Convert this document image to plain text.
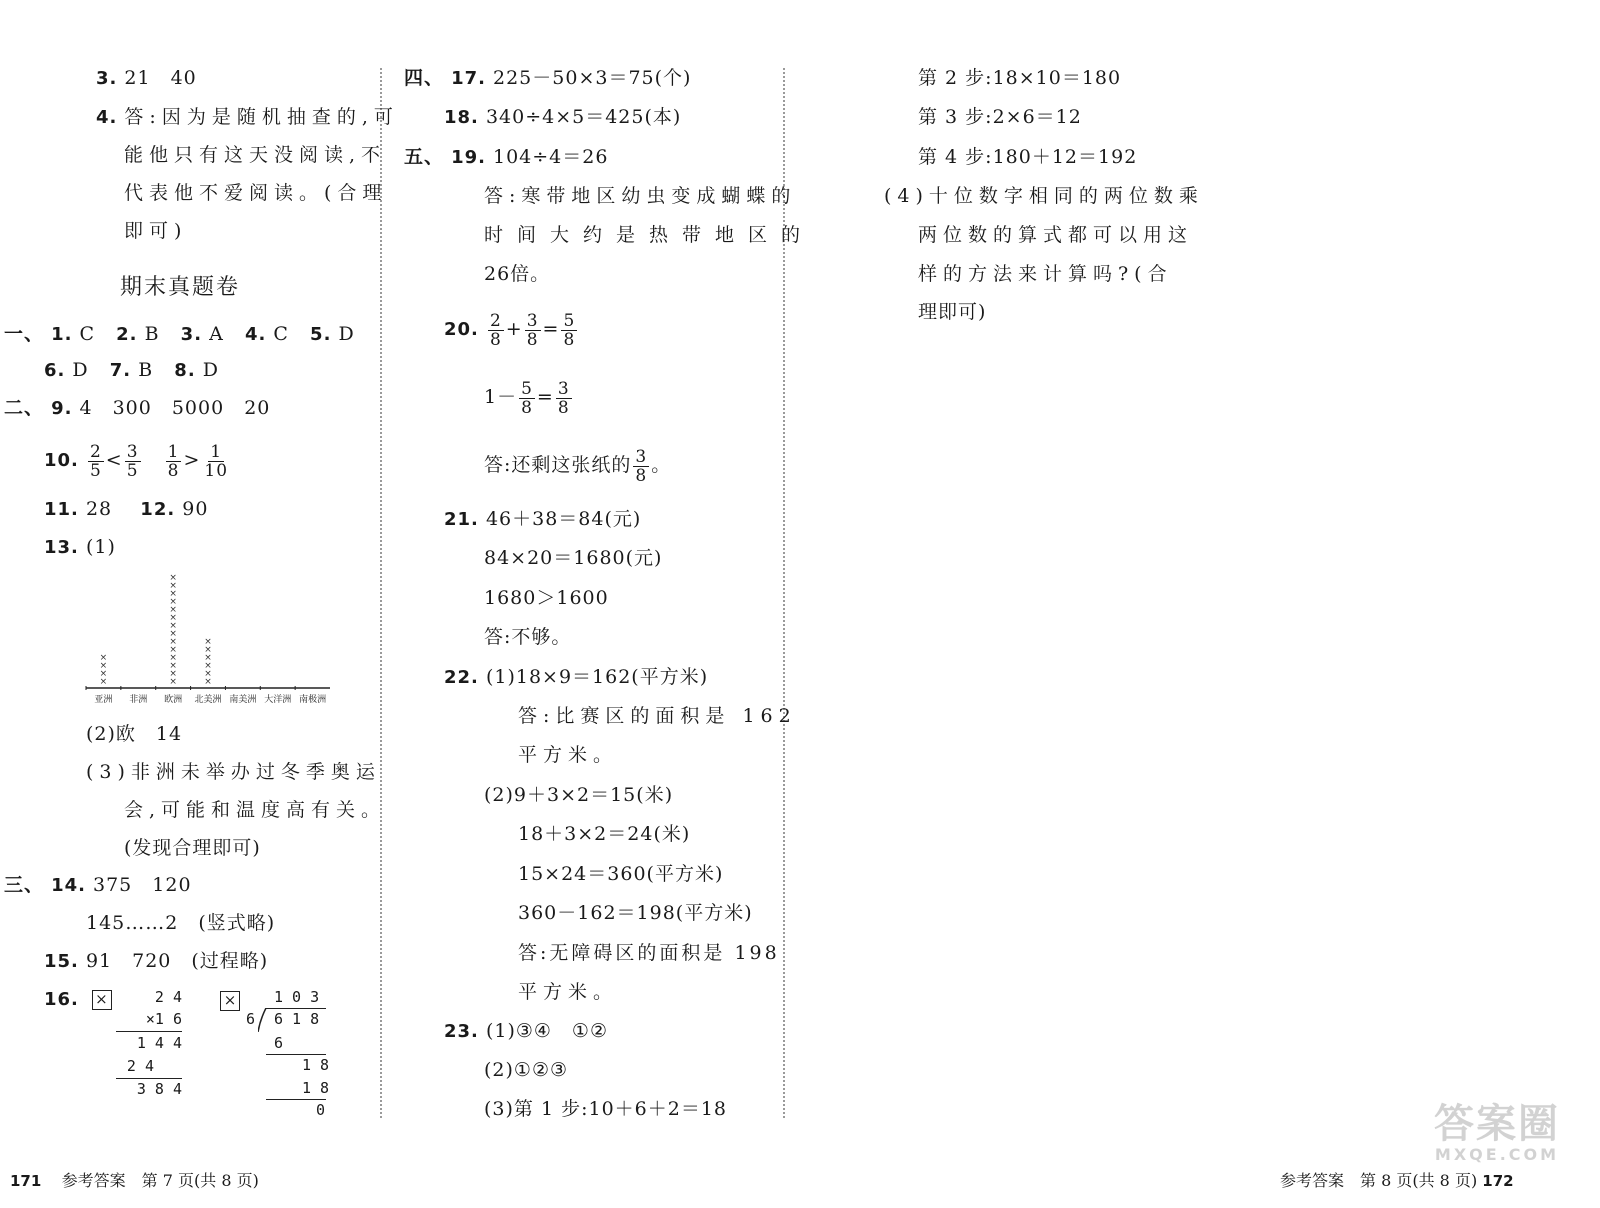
3. 21　40
4. 答:因为是随机抽查的,可
能他只有这天没阅读,不
代表他不爱阅读。(合理
即可)
期末真题卷
一、 1. C 2. B 3. A 4. C 5. D
6. D 7. B 8. D
二、 9. 4　300　5000　20
10. $\frac{2}{5} < \frac{3}{5}$
$\frac{1}{8} > \frac{1}{10}$
11. 28 12. 90
13. (1)
×
×
×
×
×
×
×
×
×
×
×
×
×
×
×
×
×
×
×
×
×
×
×
×
亚洲 非洲 欧洲 北美洲 南美洲 大洋洲 南极洲
(2)欧　14
(3)非洲未举办过冬季奥运
会,可能和温度高有关。
(发现合理即可)
三、 14. 375　120
145……2　(竖式略)
15. 91　720　(过程略)
16. ×	2 4
×1 6
1 4 4
2 4
3 8 4
×	1 0 3
6 6 1 8
6
1 8
1 8
0
四、 17. 225－50×3＝75(个)
18. 340÷4×5＝425(本)
五、 19. 104÷4＝26
答:寒带地区幼虫变成蝴蝶的
时间大约是热带地区的
26倍。
20. $\frac{2}{8} + \frac{3}{8} = \frac{5}{8}$
$1- \frac{5}{8} = \frac{3}{8}$
答:还剩这张纸的 $\frac{3}{8}$ 。
21. 46＋38＝84(元)
84×20＝1680(元)
1680＞1600
答:不够。
22. (1)18×9＝162(平方米)
答:比赛区的面积是 162
平方米。
(2)9＋3×2＝15(米)
18＋3×2＝24(米)
15×24＝360(平方米)
360－162＝198(平方米)
答:无障碍区的面积是 198
平方米。
23. (1)③④　①②
(2)①②③
(3)第 1 步:10＋6＋2＝18
第 2 步:18×10＝180
第 3 步:2×6＝12
第 4 步:180＋12＝192
(4)十位数字相同的两位数乘
两位数的算式都可以用这
样的方法来计算吗?(合
理即可)
171 参考答案　第 7 页(共 8 页)	参考答案　第 8 页(共 8 页) 172
答案圈
MXQE.COM
